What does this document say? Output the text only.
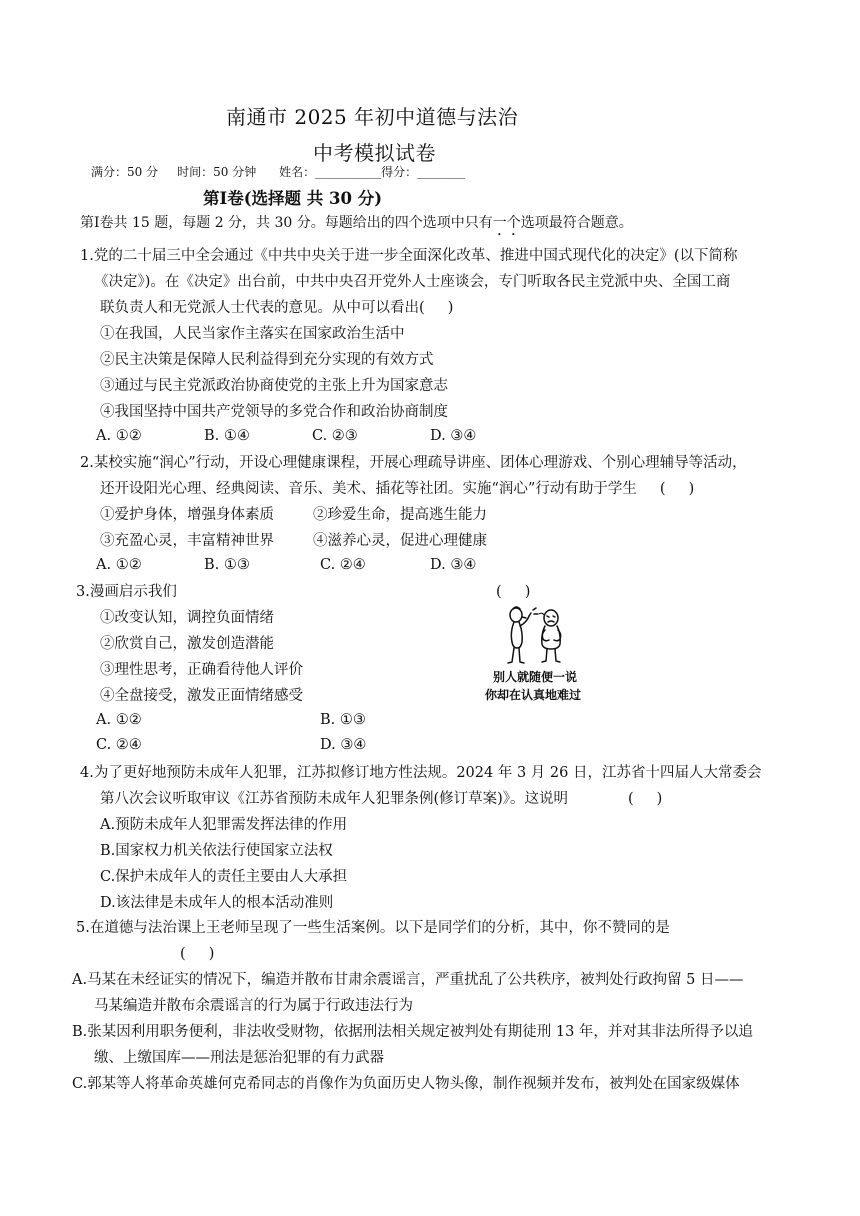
南通市 2025 年初中道德与法治
中考模拟试卷
满分：50 分     时间：50 分钟      姓名：___________得分：________
第Ⅰ卷(选择题 共 30 分)
第Ⅰ卷共 15 题，每题 2 分，共 30 分。每题给出的四个选项中只有一个选项最符合题意。
1.党的二十届三中全会通过《中共中央关于进一步全面深化改革、推进中国式现代化的决定》(以下简称
《决定》)。在《决定》出台前，中共中央召开党外人士座谈会，专门听取各民主党派中央、全国工商
联负责人和无党派人士代表的意见。从中可以看出(     )
①在我国，人民当家作主落实在国家政治生活中
②民主决策是保障人民利益得到充分实现的有效方式
③通过与民主党派政治协商使党的主张上升为国家意志
④我国坚持中国共产党领导的多党合作和政治协商制度
A. ①②	B. ①④	C. ②③	D. ③④
2.某校实施“润心”行动，开设心理健康课程，开展心理疏导讲座、团体心理游戏、个别心理辅导等活动，
还开设阳光心理、经典阅读、音乐、美术、插花等社团。实施“润心”行动有助于学生     (     )
①爱护身体，增强身体素质	②珍爱生命，提高逃生能力
③充盈心灵，丰富精神世界	④滋养心灵，促进心理健康
A. ①②	B. ①③	C. ②④	D. ③④
3.漫画启示我们	(     )
①改变认知，调控负面情绪
②欣赏自己，激发创造潜能
③理性思考，正确看待他人评价
④全盘接受，激发正面情绪感受
A. ①②	B. ①③
C. ②④	D. ③④
别人就随便一说
你却在认真地难过
4.为了更好地预防未成年人犯罪，江苏拟修订地方性法规。2024 年 3 月 26 日，江苏省十四届人大常委会
第八次会议听取审议《江苏省预防未成年人犯罪条例(修订草案)》。这说明             (     )
A.预防未成年人犯罪需发挥法律的作用
B.国家权力机关依法行使国家立法权
C.保护未成年人的责任主要由人大承担
D.该法律是未成年人的根本活动准则
5.在道德与法治课上王老师呈现了一些生活案例。以下是同学们的分析，其中，你不赞同的是
(     )
A.马某在未经证实的情况下，编造并散布甘肃余震谣言，严重扰乱了公共秩序，被判处行政拘留 5 日——
马某编造并散布余震谣言的行为属于行政违法行为
B.张某因利用职务便利，非法收受财物，依据刑法相关规定被判处有期徒刑 13 年，并对其非法所得予以追
缴、上缴国库——刑法是惩治犯罪的有力武器
C.郭某等人将革命英雄何克希同志的肖像作为负面历史人物头像，制作视频并发布，被判处在国家级媒体
